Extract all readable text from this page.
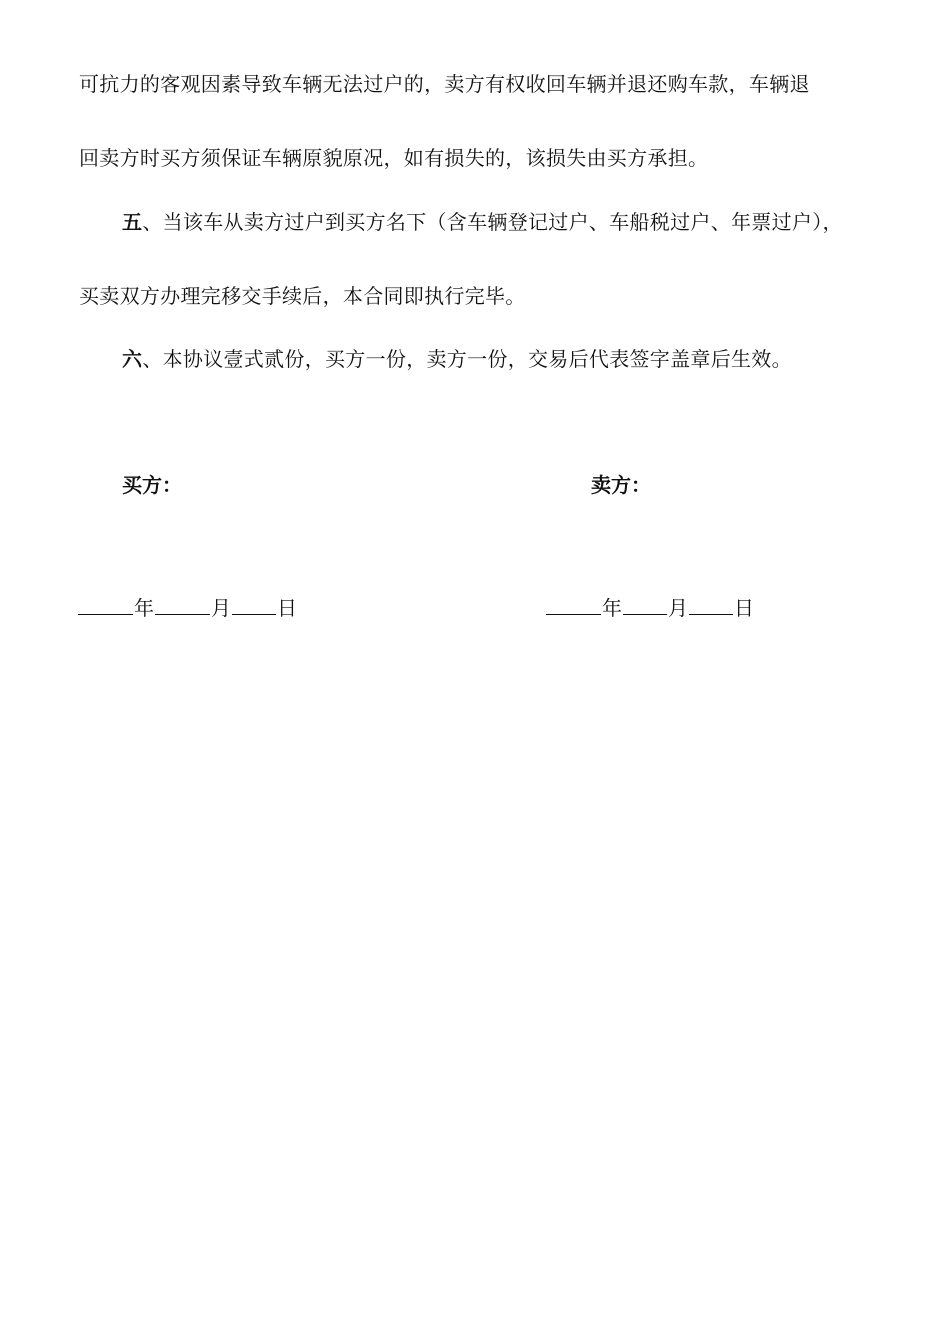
可抗力的客观因素导致车辆无法过户的，卖方有权收回车辆并退还购车款，车辆退
回卖方时买方须保证车辆原貌原况，如有损失的，该损失由买方承担。
五、当该车从卖方过户到买方名下（含车辆登记过户、车船税过户、年票过户），
买卖双方办理完移交手续后，本合同即执行完毕。
六、本协议壹式贰份，买方一份，卖方一份，交易后代表签字盖章后生效。
买方：	卖方：
年	月 日	年 月 日
